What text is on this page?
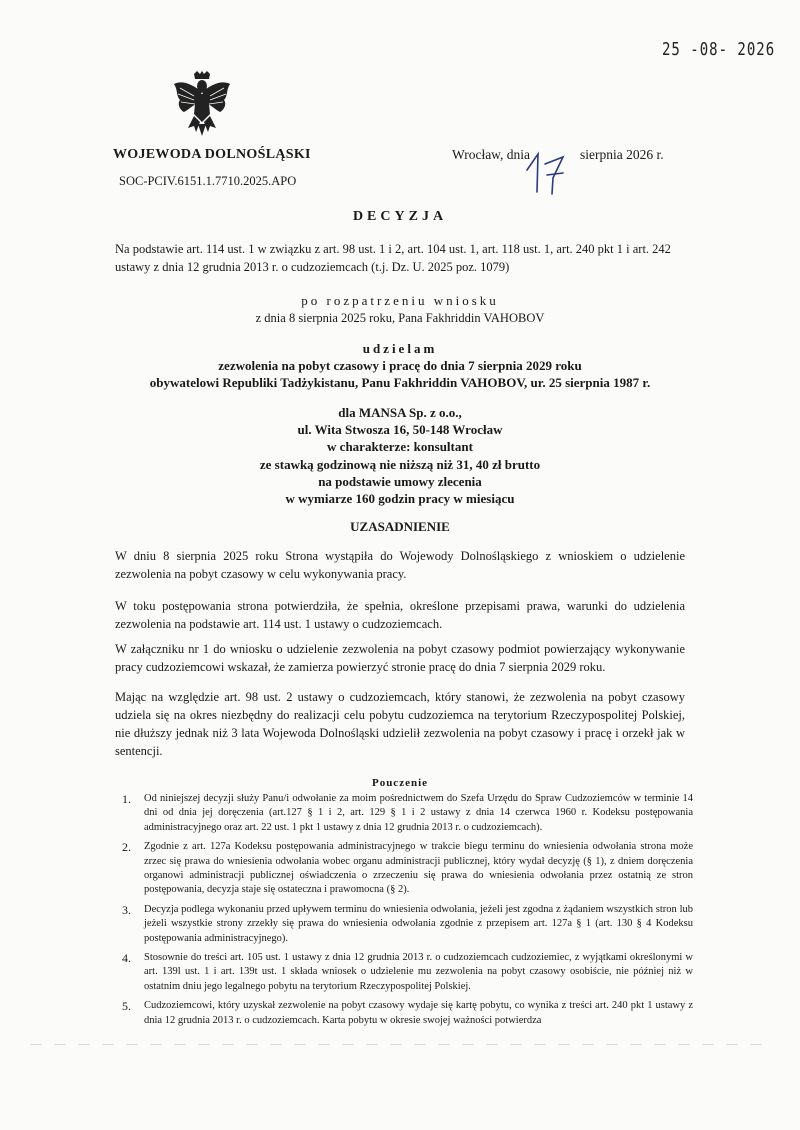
25 -08- 2026
WOJEWODA DOLNOŚLĄSKI
SOC-PCIV.6151.1.7710.2025.APO
Wrocław, dnia	sierpnia 2026 r.
DECYZJA
Na podstawie art. 114 ust. 1 w związku z art. 98 ust. 1 i 2, art. 104 ust. 1, art. 118 ust. 1, art. 240 pkt 1 i art. 242 ustawy z dnia 12 grudnia 2013 r. o cudzoziemcach (t.j. Dz. U. 2025 poz. 1079)
po rozpatrzeniu wniosku
z dnia 8 sierpnia 2025 roku, Pana Fakhriddin VAHOBOV
udzielam
zezwolenia na pobyt czasowy i pracę do dnia 7 sierpnia 2029 roku
obywatelowi Republiki Tadżykistanu, Panu Fakhriddin VAHOBOV, ur. 25 sierpnia 1987 r.
dla MANSA Sp. z o.o.,
ul. Wita Stwosza 16, 50-148 Wrocław
w charakterze: konsultant
ze stawką godzinową nie niższą niż 31, 40 zł brutto
na podstawie umowy zlecenia
w wymiarze 160 godzin pracy w miesiącu
UZASADNIENIE
W dniu 8 sierpnia 2025 roku Strona wystąpiła do Wojewody Dolnośląskiego z wnioskiem o udzielenie zezwolenia na pobyt czasowy w celu wykonywania pracy.
W toku postępowania strona potwierdziła, że spełnia, określone przepisami prawa, warunki do udzielenia zezwolenia na podstawie art. 114 ust. 1 ustawy o cudzoziemcach.
W załączniku nr 1 do wniosku o udzielenie zezwolenia na pobyt czasowy podmiot powierzający wykonywanie pracy cudzoziemcowi wskazał, że zamierza powierzyć stronie pracę do dnia 7 sierpnia 2029 roku.
Mając na względzie art. 98 ust. 2 ustawy o cudzoziemcach, który stanowi, że zezwolenia na pobyt czasowy udziela się na okres niezbędny do realizacji celu pobytu cudzoziemca na terytorium Rzeczypospolitej Polskiej, nie dłuższy jednak niż 3 lata Wojewoda Dolnośląski udzielił zezwolenia na pobyt czasowy i pracę i orzekł jak w sentencji.
Pouczenie
1.	Od niniejszej decyzji służy Panu/i odwołanie za moim pośrednictwem do Szefa Urzędu do Spraw Cudzoziemców w terminie 14 dni od dnia jej doręczenia (art.127 § 1 i 2, art. 129 § 1 i 2 ustawy z dnia 14 czerwca 1960 r. Kodeksu postępowania administracyjnego oraz art. 22 ust. 1 pkt 1 ustawy z dnia 12 grudnia 2013 r. o cudzoziemcach).
2.	Zgodnie z art. 127a Kodeksu postępowania administracyjnego w trakcie biegu terminu do wniesienia odwołania strona może zrzec się prawa do wniesienia odwołania wobec organu administracji publicznej, który wydał decyzję (§ 1), z dniem doręczenia organowi administracji publicznej oświadczenia o zrzeczeniu się prawa do wniesienia odwołania przez ostatnią ze stron postępowania, decyzja staje się ostateczna i prawomocna (§ 2).
3.	Decyzja podlega wykonaniu przed upływem terminu do wniesienia odwołania, jeżeli jest zgodna z żądaniem wszystkich stron lub jeżeli wszystkie strony zrzekły się prawa do wniesienia odwołania zgodnie z przepisem art. 127a § 1 (art. 130 § 4 Kodeksu postępowania administracyjnego).
4.	Stosownie do treści art. 105 ust. 1 ustawy z dnia 12 grudnia 2013 r. o cudzoziemcach cudzoziemiec, z wyjątkami określonymi w art. 139l ust. 1 i art. 139t ust. 1 składa wniosek o udzielenie mu zezwolenia na pobyt czasowy osobiście, nie później niż w ostatnim dniu jego legalnego pobytu na terytorium Rzeczypospolitej Polskiej.
5.	Cudzoziemcowi, który uzyskał zezwolenie na pobyt czasowy wydaje się kartę pobytu, co wynika z treści art. 240 pkt 1 ustawy z dnia 12 grudnia 2013 r. o cudzoziemcach. Karta pobytu w okresie swojej ważności potwierdza
